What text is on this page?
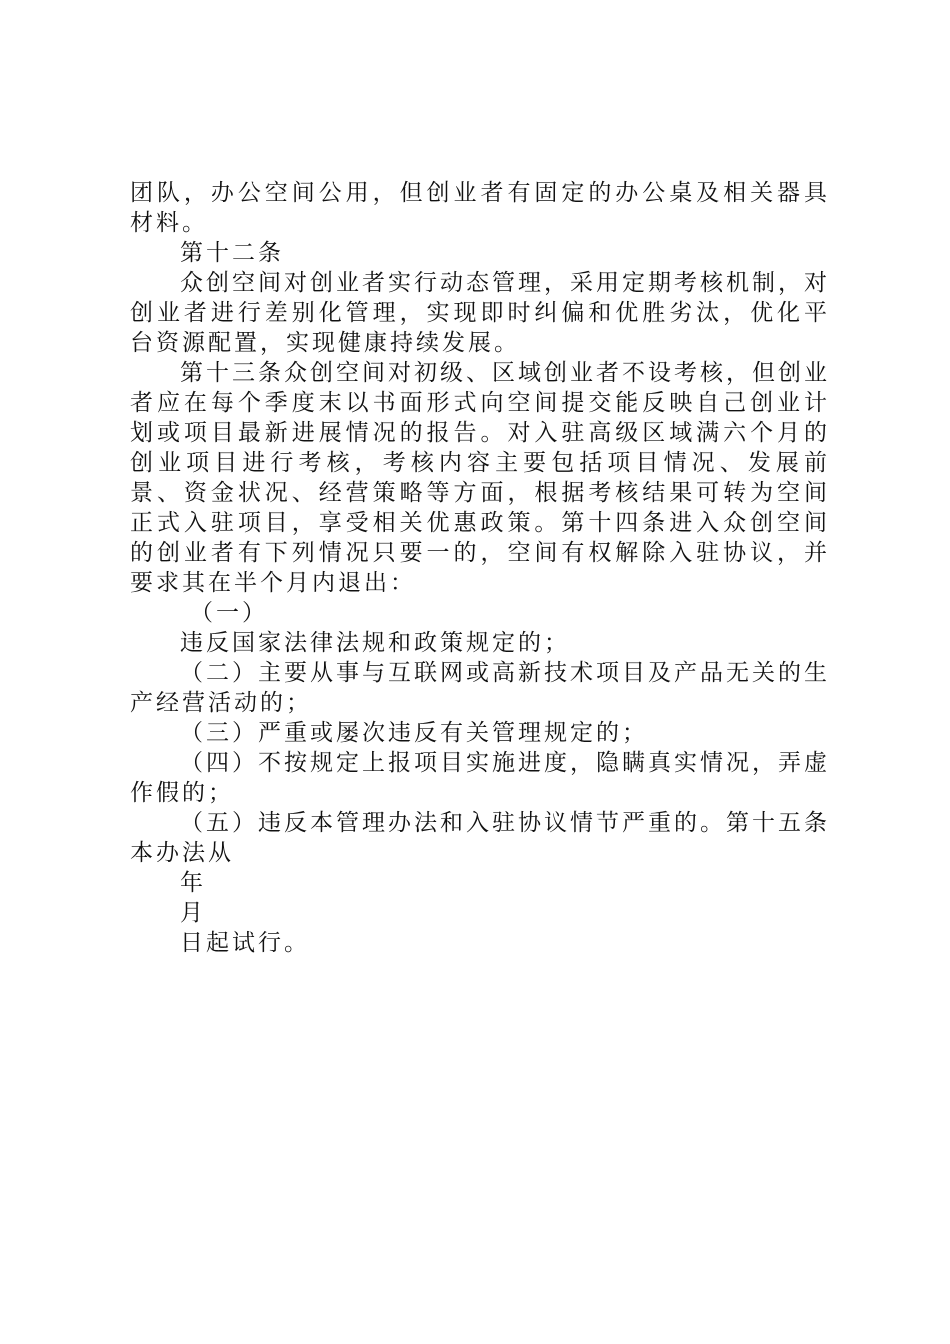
团队，办公空间公用，但创业者有固定的办公桌及相关器具材料。

第十二条

众创空间对创业者实行动态管理，采用定期考核机制，对创业者进行差别化管理，实现即时纠偏和优胜劣汰，优化平台资源配置，实现健康持续发展。

第十三条众创空间对初级、区域创业者不设考核，但创业者应在每个季度末以书面形式向空间提交能反映自己创业计划或项目最新进展情况的报告。对入驻高级区域满六个月的创业项目进行考核，考核内容主要包括项目情况、发展前景、资金状况、经营策略等方面，根据考核结果可转为空间正式入驻项目，享受相关优惠政策。第十四条进入众创空间的创业者有下列情况只要一的，空间有权解除入驻协议，并要求其在半个月内退出：

（一）

违反国家法律法规和政策规定的；

（二）主要从事与互联网或高新技术项目及产品无关的生产经营活动的；

（三）严重或屡次违反有关管理规定的；

（四）不按规定上报项目实施进度，隐瞒真实情况，弄虚作假的；

（五）违反本管理办法和入驻协议情节严重的。第十五条本办法从

年

月

日起试行。
